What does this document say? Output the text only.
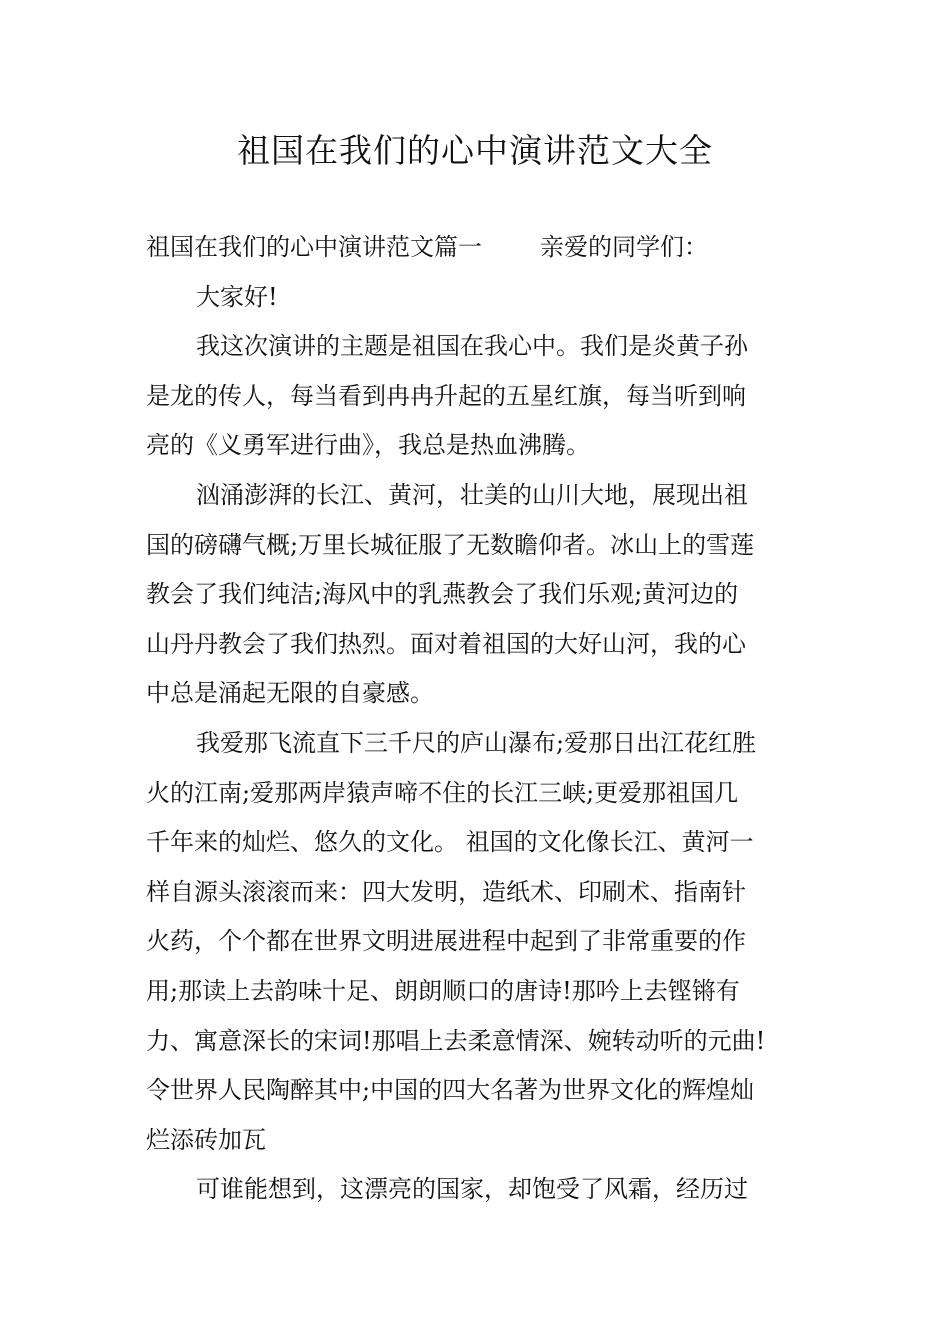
祖国在我们的心中演讲范文大全
祖国在我们的心中演讲范文篇一 亲爱的同学们：
大家好!
我这次演讲的主题是祖国在我心中。我们是炎黄子孙
是龙的传人，每当看到冉冉升起的五星红旗，每当听到响
亮的《义勇军进行曲》，我总是热血沸腾。
汹涌澎湃的长江、黄河，壮美的山川大地，展现出祖
国的磅礴气概;万里长城征服了无数瞻仰者。冰山上的雪莲
教会了我们纯洁;海风中的乳燕教会了我们乐观;黄河边的
山丹丹教会了我们热烈。面对着祖国的大好山河，我的心
中总是涌起无限的自豪感。
我爱那飞流直下三千尺的庐山瀑布;爱那日出江花红胜
火的江南;爱那两岸猿声啼不住的长江三峡;更爱那祖国几
千年来的灿烂、悠久的文化。 祖国的文化像长江、黄河一
样自源头滚滚而来：四大发明，造纸术、印刷术、指南针
火药，个个都在世界文明进展进程中起到了非常重要的作
用;那读上去韵味十足、朗朗顺口的唐诗!那吟上去铿锵有
力、寓意深长的宋词!那唱上去柔意情深、婉转动听的元曲!
令世界人民陶醉其中;中国的四大名著为世界文化的辉煌灿
烂添砖加瓦
可谁能想到，这漂亮的国家，却饱受了风霜，经历过
